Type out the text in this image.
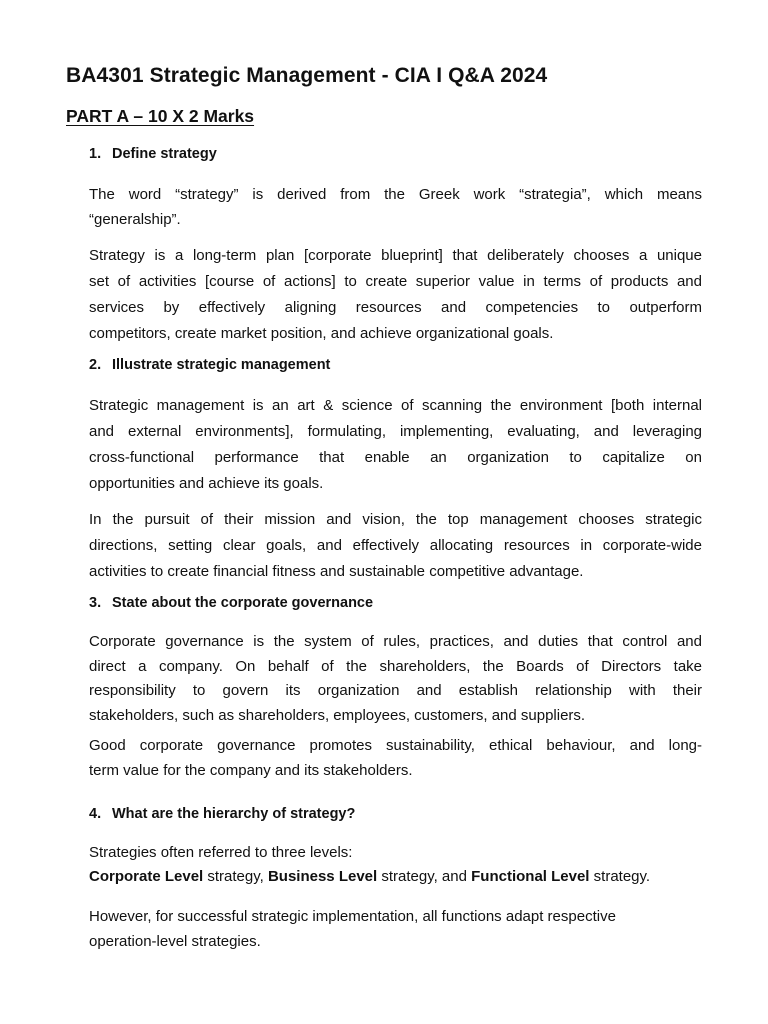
BA4301 Strategic Management - CIA I Q&A 2024
PART A – 10 X 2 Marks
1. Define strategy
The word “strategy” is derived from the Greek work “strategia”, which means
“generalship”.
Strategy is a long-term plan [corporate blueprint] that deliberately chooses a unique
set of activities [course of actions] to create superior value in terms of products and
services by effectively aligning resources and competencies to outperform
competitors, create market position, and achieve organizational goals.
2. Illustrate strategic management
Strategic management is an art & science of scanning the environment [both internal
and external environments], formulating, implementing, evaluating, and leveraging
cross-functional performance that enable an organization to capitalize on
opportunities and achieve its goals.
In the pursuit of their mission and vision, the top management chooses strategic
directions, setting clear goals, and effectively allocating resources in corporate-wide
activities to create financial fitness and sustainable competitive advantage.
3. State about the corporate governance
Corporate governance is the system of rules, practices, and duties that control and
direct a company. On behalf of the shareholders, the Boards of Directors take
responsibility to govern its organization and establish relationship with their
stakeholders, such as shareholders, employees, customers, and suppliers.
Good corporate governance promotes sustainability, ethical behaviour, and long-
term value for the company and its stakeholders.
4. What are the hierarchy of strategy?
Strategies often referred to three levels:
Corporate Level strategy, Business Level strategy, and Functional Level strategy.
However, for successful strategic implementation, all functions adapt respective
operation-level strategies.
